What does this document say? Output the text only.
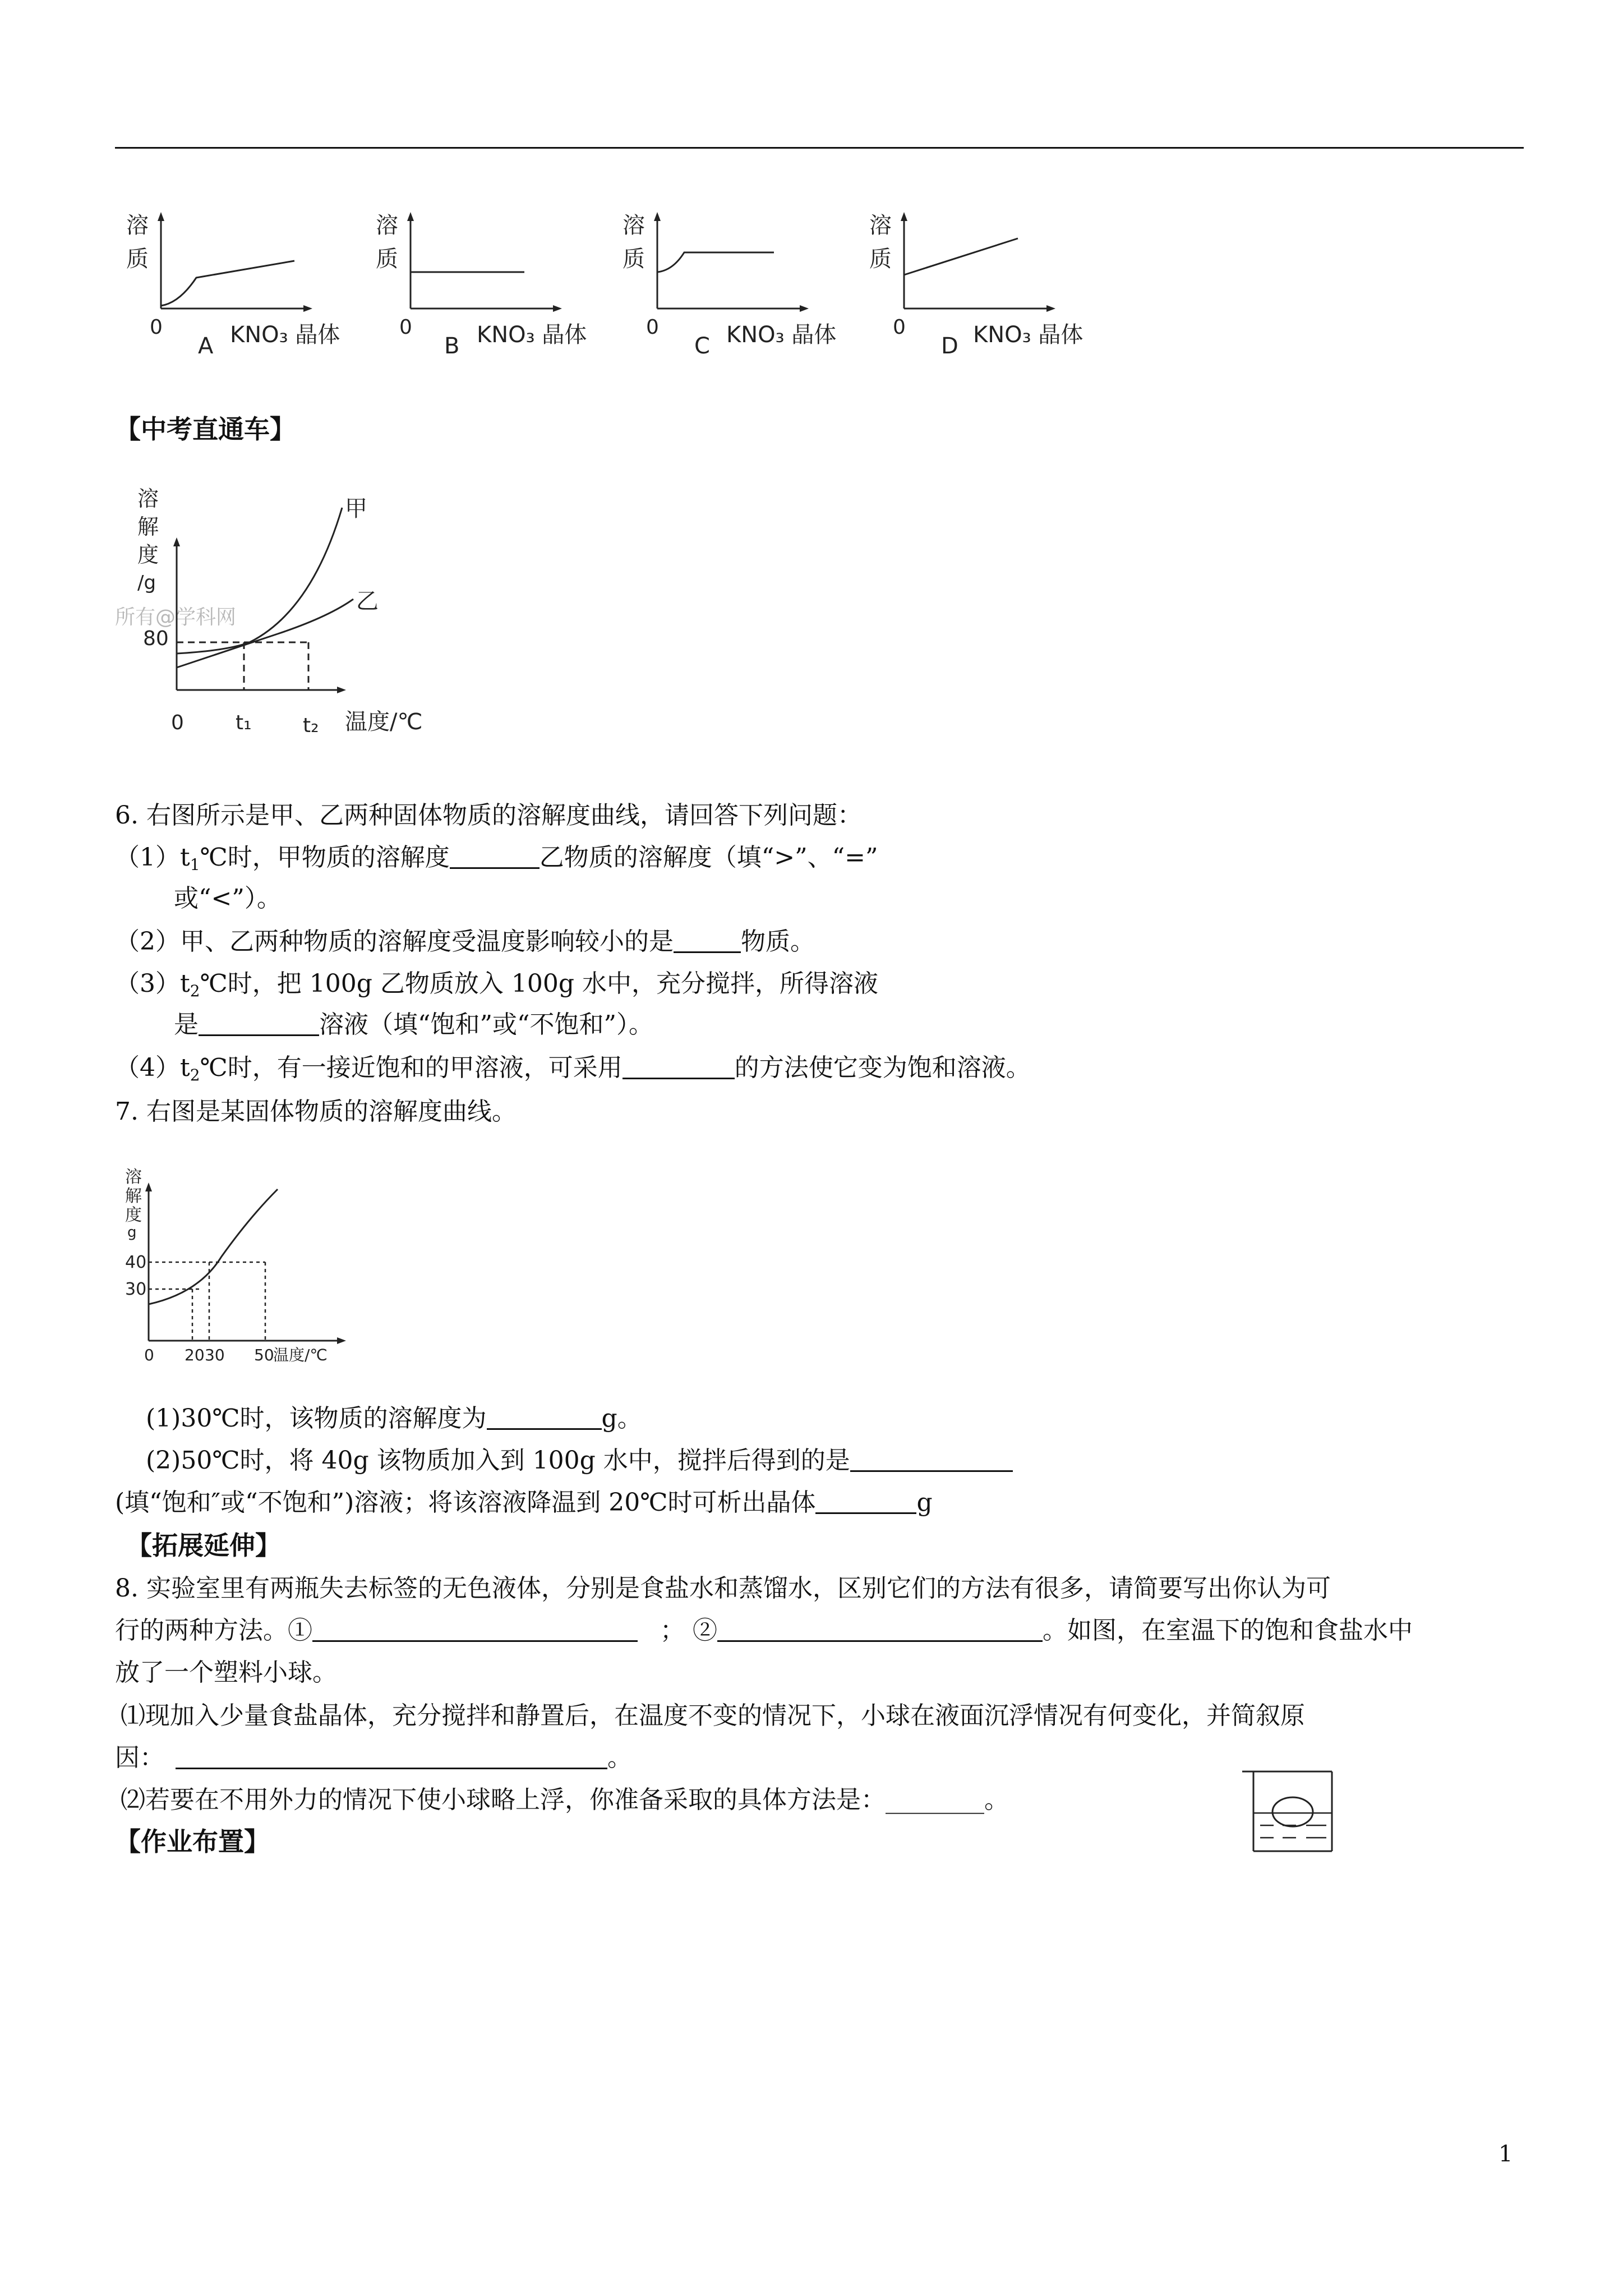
溶
质
0
A KNO₃ 晶体
溶
质
0
B KNO₃ 晶体
溶
质
0
C KNO₃ 晶体
溶
质
0
D KNO₃ 晶体
【中考直通车】
溶
解
度
/g
所有@学科网
80
甲
乙
0	t₁	t₂ 温度/℃
6. 右图所示是甲、乙两种固体物质的溶解度曲线，请回答下列问题：
$(1)t_1℃$时，甲物质的溶解度	乙物质的溶解度（填“>”、“=”
或“<”）。
（2）甲、乙两种物质的溶解度受温度影响较小的是	物质。
$(3)t_2℃$时，把 100g 乙物质放入 100g 水中，充分搅拌，所得溶液
是	溶液（填“饱和”或“不饱和”）。
$(4)t_2℃$时，有一接近饱和的甲溶液，可采用	的方法使它变为饱和溶液。
7. 右图是某固体物质的溶解度曲线。
溶
解
度
g
40
30
0 20 30 50
温度/℃
(1)30℃时，该物质的溶解度为	g。
(2)50℃时，将 40g 该物质加入到 100g 水中，搅拌后得到的是
(填“饱和″或“不饱和”)溶液；将该溶液降温到 20℃时可析出晶体	g
【拓展延伸】
8. 实验室里有两瓶失去标签的无色液体，分别是食盐水和蒸馏水，区别它们的方法有很多，请简要写出你认为可
行的两种方法。①	； ②	。如图，在室温下的饱和食盐水中
放了一个塑料小球。
⑴现加入少量食盐晶体，充分搅拌和静置后，在温度不变的情况下，小球在液面沉浮情况有何变化，并简叙原
因：	。
⑵若要在不用外力的情况下使小球略上浮，你准备采取的具体方法是：________。
【作业布置】
1
